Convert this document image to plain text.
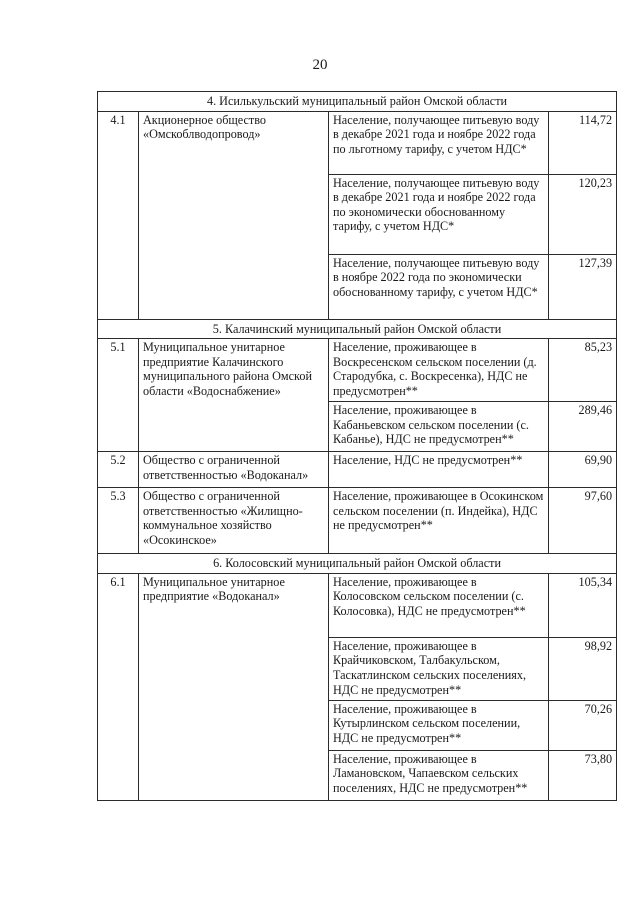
20
4. Исилькульский муниципальный район Омской области			
4.1	Акционерное общество «Омскоблводопровод»	Население, получающее питьевую воду в декабре 2021 года и ноябре 2022 года по льготному тарифу, с учетом НДС*	114,72
		Население, получающее питьевую воду в декабре 2021 года и ноябре 2022 года по экономически обоснованному тарифу, с учетом НДС*	120,23
		Население, получающее питьевую воду в ноябре 2022 года по экономически обоснованному тарифу, с учетом НДС*	127,39
5. Калачинский муниципальный район Омской области			
5.1	Муниципальное унитарное предприятие Калачинского муниципального района Омской области «Водоснабжение»	Население, проживающее в Воскресенском сельском поселении (д. Стародубка, с. Воскресенка), НДС не предусмотрен**	85,23
		Население, проживающее в Кабаньевском сельском поселении (с. Кабанье), НДС не предусмотрен**	289,46
5.2	Общество с ограниченной ответственностью «Водоканал»	Население, НДС не предусмотрен**	69,90
5.3	Общество с ограниченной ответственностью «Жилищно-коммунальное хозяйство «Осокинское»	Население, проживающее в Осокинском сельском поселении (п. Индейка), НДС не предусмотрен**	97,60
6. Колосовский муниципальный район Омской области			
6.1	Муниципальное унитарное предприятие «Водоканал»	Население, проживающее в Колосовском сельском поселении (с. Колосовка), НДС не предусмотрен**	105,34
		Население, проживающее в Крайчиковском, Талбакульском, Таскатлинском сельских поселениях, НДС не предусмотрен**	98,92
		Население, проживающее в Кутырлинском сельском поселении, НДС не предусмотрен**	70,26
		Население, проживающее в Ламановском, Чапаевском сельских поселениях, НДС не предусмотрен**	73,80
